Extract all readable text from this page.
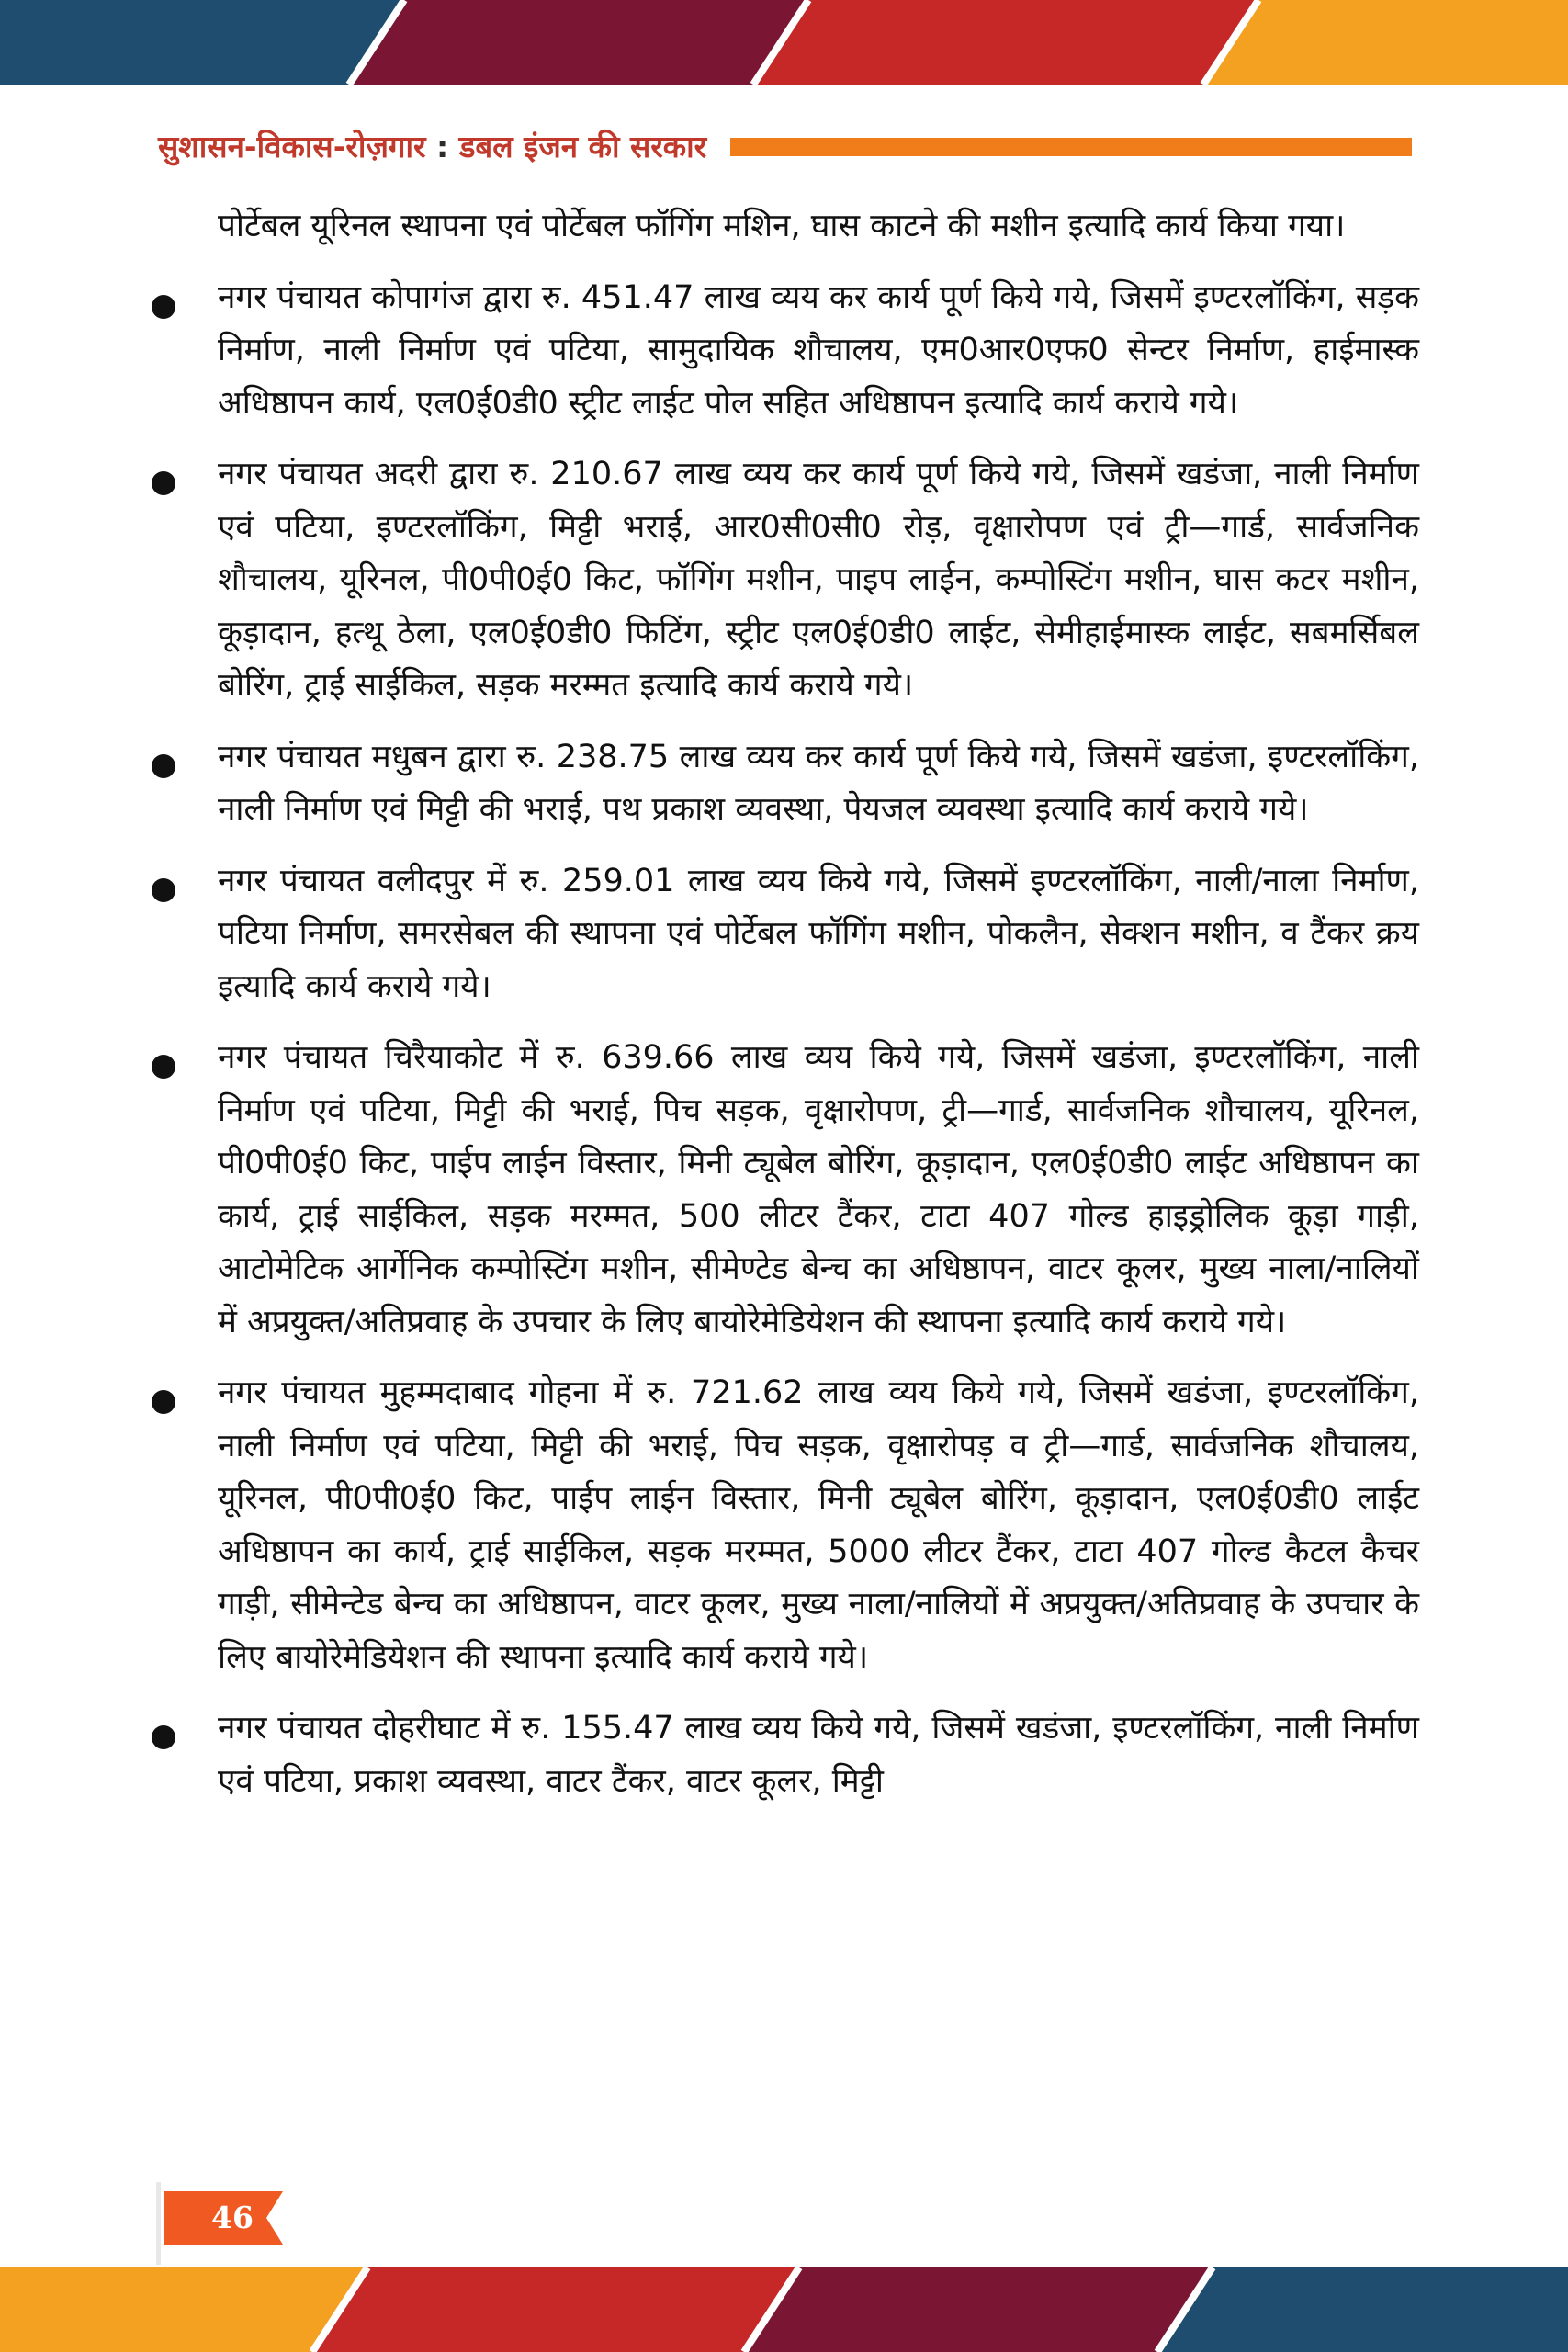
सुशासन-विकास-रोज़गार : डबल इंजन की सरकार
पोर्टेबल यूरिनल स्थापना एवं पोर्टेबल फॉगिंग मशिन, घास काटने की मशीन इत्यादि कार्य किया गया।
नगर पंचायत कोपागंज द्वारा रु. 451.47 लाख व्यय कर कार्य पूर्ण किये गये, जिसमें इण्टरलॉकिंग, सड़क निर्माण, नाली निर्माण एवं पटिया, सामुदायिक शौचालय, एम0आर0एफ0 सेन्टर निर्माण, हाईमास्क अधिष्ठापन कार्य, एल0ई0डी0 स्ट्रीट लाईट पोल सहित अधिष्ठापन इत्यादि कार्य कराये गये।
नगर पंचायत अदरी द्वारा रु. 210.67 लाख व्यय कर कार्य पूर्ण किये गये, जिसमें खडंजा, नाली निर्माण एवं पटिया, इण्टरलॉकिंग, मिट्टी भराई, आर0सी0सी0 रोड़, वृक्षारोपण एवं ट्री—गार्ड, सार्वजनिक शौचालय, यूरिनल, पी0पी0ई0 किट, फॉगिंग मशीन, पाइप लाईन, कम्पोस्टिंग मशीन, घास कटर मशीन, कूड़ादान, हत्थू ठेला, एल0ई0डी0 फिटिंग, स्ट्रीट एल0ई0डी0 लाईट, सेमीहाईमास्क लाईट, सबमर्सिबल बोरिंग, ट्राई साईकिल, सड़क मरम्मत इत्यादि कार्य कराये गये।
नगर पंचायत मधुबन द्वारा रु. 238.75 लाख व्यय कर कार्य पूर्ण किये गये, जिसमें खडंजा, इण्टरलॉकिंग, नाली निर्माण एवं मिट्टी की भराई, पथ प्रकाश व्यवस्था, पेयजल व्यवस्था इत्यादि कार्य कराये गये।
नगर पंचायत वलीदपुर में रु. 259.01 लाख व्यय किये गये, जिसमें इण्टरलॉकिंग, नाली/नाला निर्माण, पटिया निर्माण, समरसेबल की स्थापना एवं पोर्टेबल फॉगिंग मशीन, पोकलैन, सेक्शन मशीन, व टैंकर क्रय इत्यादि कार्य कराये गये।
नगर पंचायत चिरैयाकोट में रु. 639.66 लाख व्यय किये गये, जिसमें खडंजा, इण्टरलॉकिंग, नाली निर्माण एवं पटिया, मिट्टी की भराई, पिच सड़क, वृक्षारोपण, ट्री—गार्ड, सार्वजनिक शौचालय, यूरिनल, पी0पी0ई0 किट, पाईप लाईन विस्तार, मिनी ट्यूबेल बोरिंग, कूड़ादान, एल0ई0डी0 लाईट अधिष्ठापन का कार्य, ट्राई साईकिल, सड़क मरम्मत, 500 लीटर टैंकर, टाटा 407 गोल्ड हाइड्रोलिक कूड़ा गाड़ी, आटोमेटिक आर्गेनिक कम्पोस्टिंग मशीन, सीमेण्टेड बेन्च का अधिष्ठापन, वाटर कूलर, मुख्य नाला/नालियों में अप्रयुक्त/अतिप्रवाह के उपचार के लिए बायोरेमेडियेशन की स्थापना इत्यादि कार्य कराये गये।
नगर पंचायत मुहम्मदाबाद गोहना में रु. 721.62 लाख व्यय किये गये, जिसमें खडंजा, इण्टरलॉकिंग, नाली निर्माण एवं पटिया, मिट्टी की भराई, पिच सड़क, वृक्षारोपड़ व ट्री—गार्ड, सार्वजनिक शौचालय, यूरिनल, पी0पी0ई0 किट, पाईप लाईन विस्तार, मिनी ट्यूबेल बोरिंग, कूड़ादान, एल0ई0डी0 लाईट अधिष्ठापन का कार्य, ट्राई साईकिल, सड़क मरम्मत, 5000 लीटर टैंकर, टाटा 407 गोल्ड कैटल कैचर गाड़ी, सीमेन्टेड बेन्च का अधिष्ठापन, वाटर कूलर, मुख्य नाला/नालियों में अप्रयुक्त/अतिप्रवाह के उपचार के लिए बायोरेमेडियेशन की स्थापना इत्यादि कार्य कराये गये।
नगर पंचायत दोहरीघाट में रु. 155.47 लाख व्यय किये गये, जिसमें खडंजा, इण्टरलॉकिंग, नाली निर्माण एवं पटिया, प्रकाश व्यवस्था, वाटर टैंकर, वाटर कूलर, मिट्टी
46
